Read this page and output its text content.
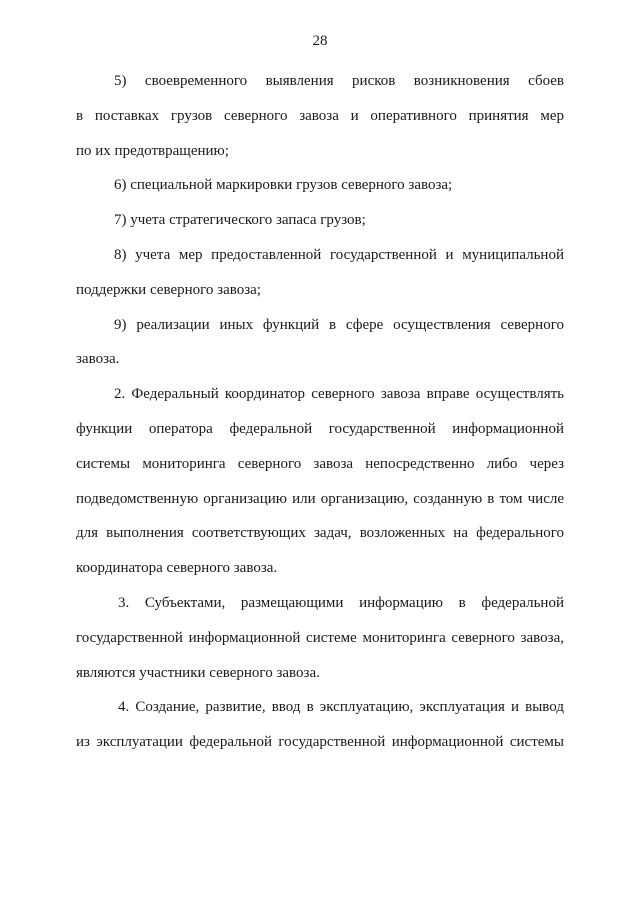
28
5) своевременного выявления рисков возникновения сбоев
в поставках грузов северного завоза и оперативного принятия мер
по их предотвращению;
6) специальной маркировки грузов северного завоза;
7) учета стратегического запаса грузов;
8) учета мер предоставленной государственной и муниципальной
поддержки северного завоза;
9) реализации иных функций в сфере осуществления северного
завоза.
2. Федеральный координатор северного завоза вправе осуществлять
функции оператора федеральной государственной информационной
системы мониторинга северного завоза непосредственно либо через
подведомственную организацию или организацию, созданную в том числе
для выполнения соответствующих задач, возложенных на федерального
координатора северного завоза.
3. Субъектами, размещающими информацию в федеральной
государственной информационной системе мониторинга северного завоза,
являются участники северного завоза.
4. Создание, развитие, ввод в эксплуатацию, эксплуатация и вывод
из эксплуатации федеральной государственной информационной системы
